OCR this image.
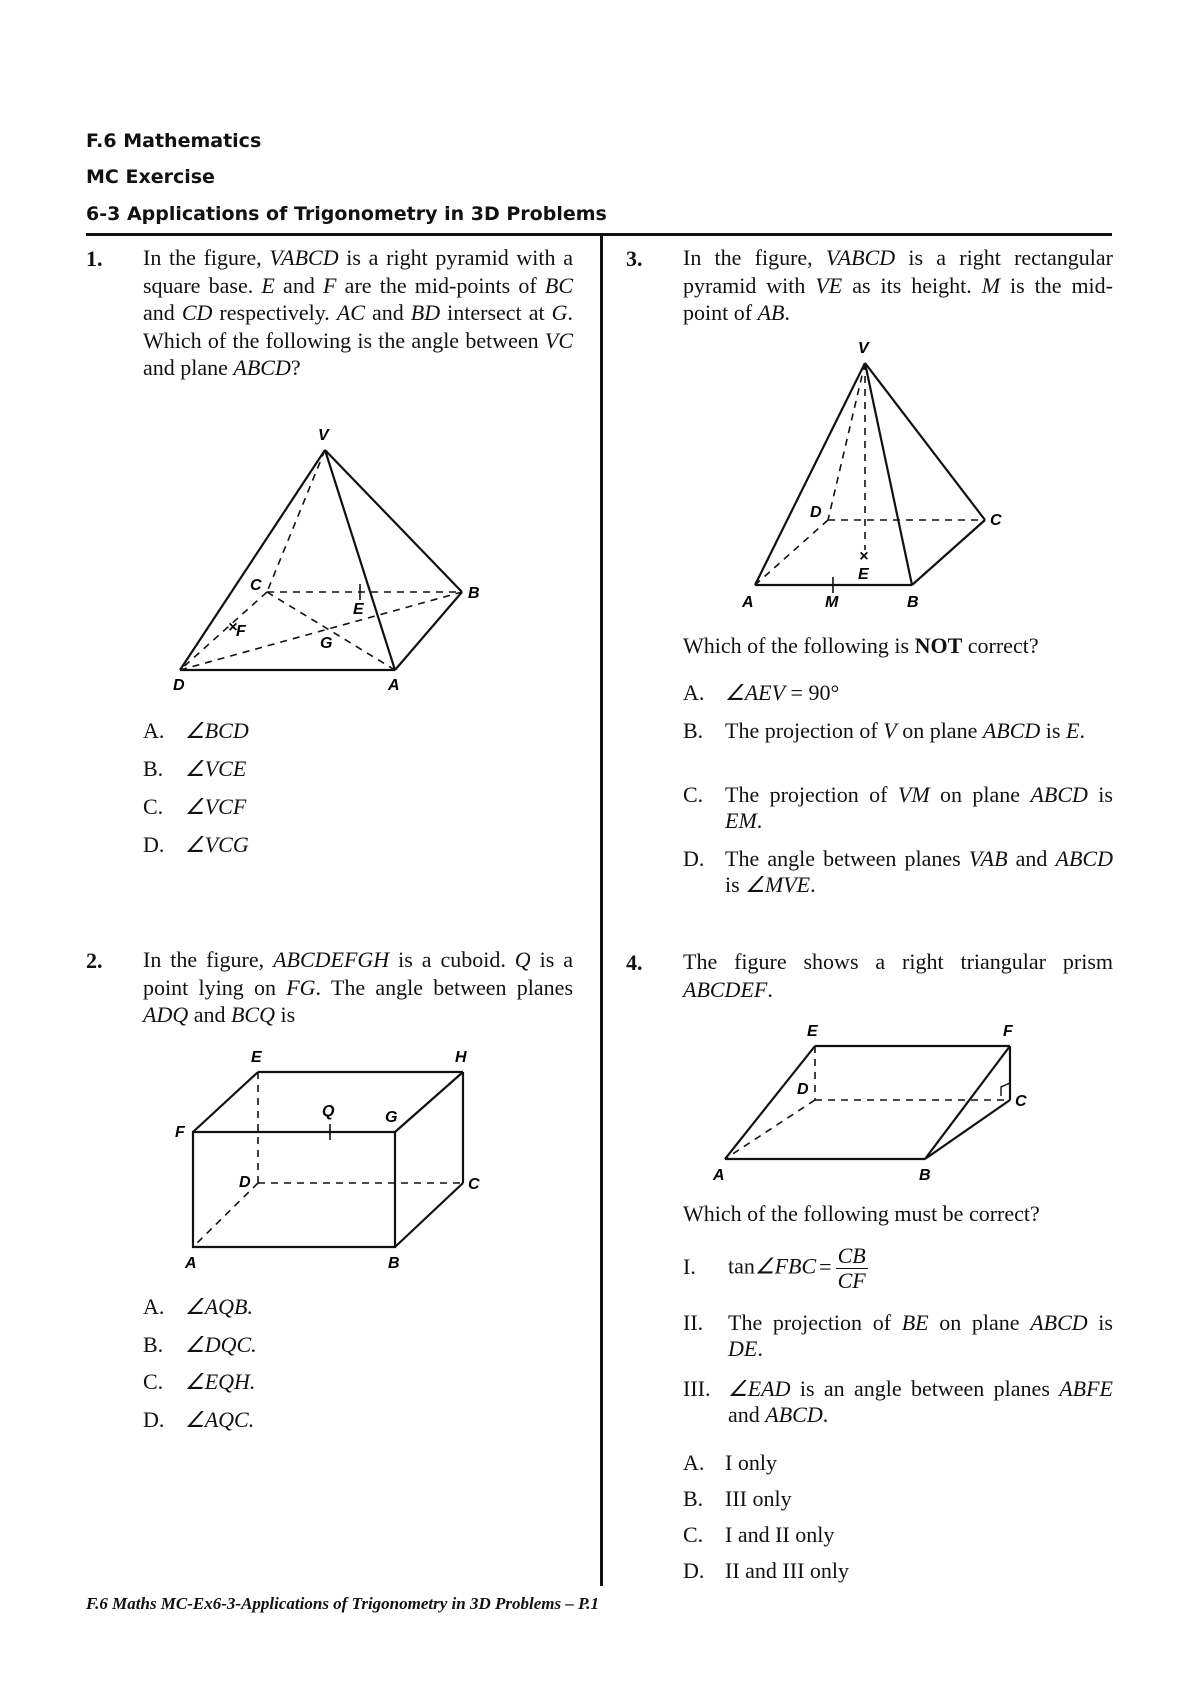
F.6 Mathematics
MC Exercise
6-3 Applications of Trigonometry in 3D Problems
1. In the figure, VABCD is a right pyramid with a square base. E and F are the mid-points of BC and CD respectively. AC and BD intersect at G. Which of the following is the angle between VC and plane ABCD?
×
V
C	B
E
F
G
D	A
A. ∠BCD
B. ∠VCE
C. ∠VCF
D. ∠VCG
2. In the figure, ABCDEFGH is a cuboid. Q is a point lying on FG. The angle between planes ADQ and BCQ is
E	H
F
Q	G
D	C
A	B
A. ∠AQB.
B. ∠DQC.
C. ∠EQH.
D. ∠AQC.
3. In the figure, VABCD is a right rectangular pyramid with VE as its height. M is the mid-point of AB.
×
V
D	C
E
A	M	B
Which of the following is NOT correct?
A. ∠AEV = 90°
B. The projection of V on plane ABCD is E.
C. The projection of VM on plane ABCD is EM.
D. The angle between planes VAB and ABCD is ∠MVE.
4. The figure shows a right triangular prism ABCDEF.
E	F
D
C
A	B
Which of the following must be correct?
I. tan∠FBC = $\frac{CB}{CF}$
II.	The projection of BE on plane ABCD is DE.
III. ∠EAD is an angle between planes ABFE and ABCD.
A. I only
B. III only
C. I and II only
D. II and III only
F.6 Maths MC-Ex6-3-Applications of Trigonometry in 3D Problems – P.1
